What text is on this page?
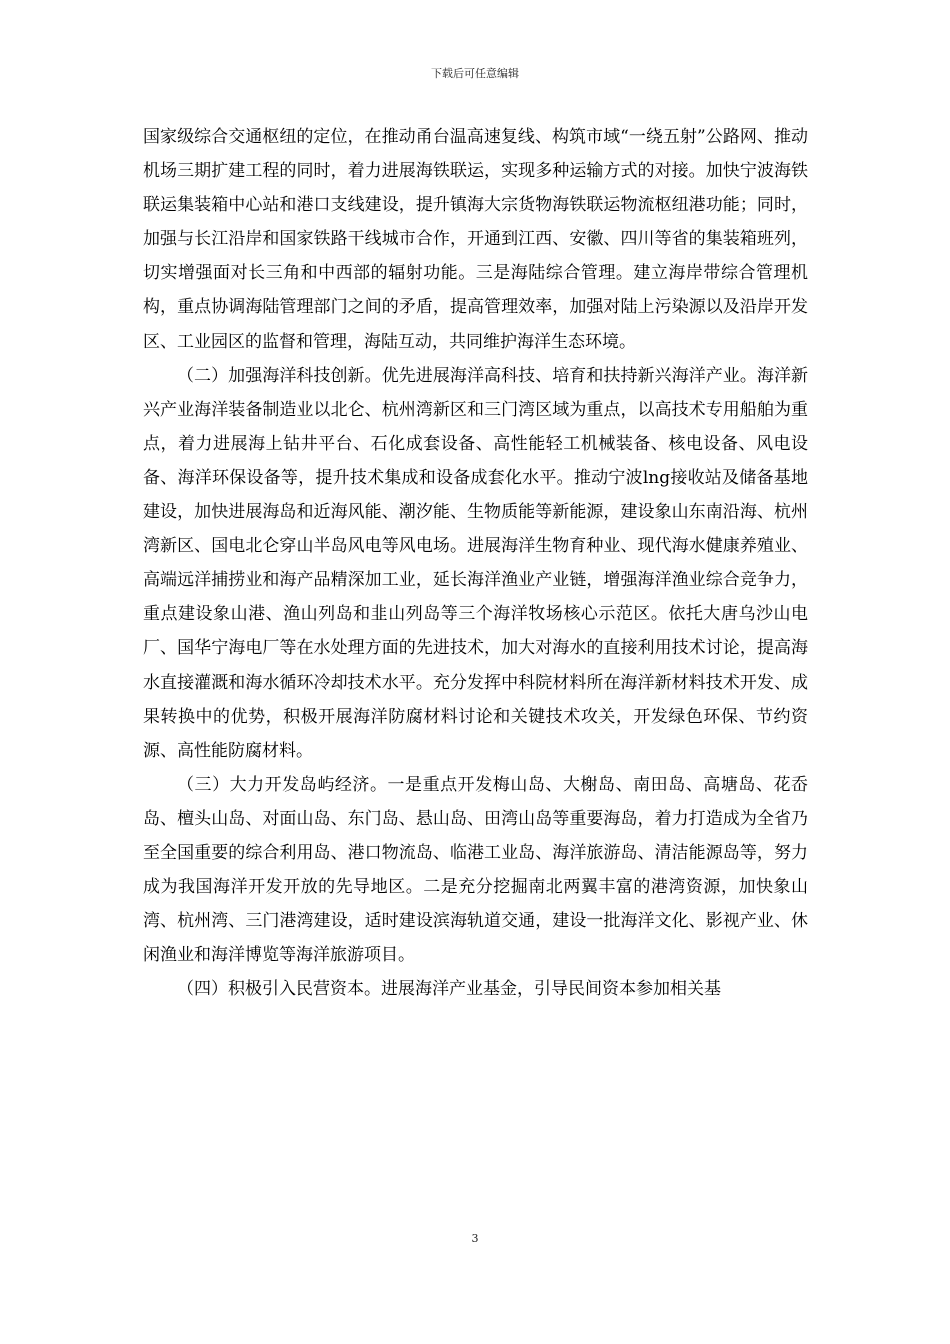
下载后可任意编辑

国家级综合交通枢纽的定位，在推动甬台温高速复线、构筑市域“一绕五射”公路网、推动机场三期扩建工程的同时，着力进展海铁联运，实现多种运输方式的对接。加快宁波海铁联运集装箱中心站和港口支线建设，提升镇海大宗货物海铁联运物流枢纽港功能；同时，加强与长江沿岸和国家铁路干线城市合作，开通到江西、安徽、四川等省的集装箱班列，切实增强面对长三角和中西部的辐射功能。三是海陆综合管理。建立海岸带综合管理机构，重点协调海陆管理部门之间的矛盾，提高管理效率，加强对陆上污染源以及沿岸开发区、工业园区的监督和管理，海陆互动，共同维护海洋生态环境。

（二）加强海洋科技创新。优先进展海洋高科技、培育和扶持新兴海洋产业。海洋新兴产业海洋装备制造业以北仑、杭州湾新区和三门湾区域为重点，以高技术专用船舶为重点，着力进展海上钻井平台、石化成套设备、高性能轻工机械装备、核电设备、风电设备、海洋环保设备等，提升技术集成和设备成套化水平。推动宁波lng接收站及储备基地建设，加快进展海岛和近海风能、潮汐能、生物质能等新能源，建设象山东南沿海、杭州湾新区、国电北仑穿山半岛风电等风电场。进展海洋生物育种业、现代海水健康养殖业、高端远洋捕捞业和海产品精深加工业，延长海洋渔业产业链，增强海洋渔业综合竞争力，重点建设象山港、渔山列岛和韭山列岛等三个海洋牧场核心示范区。依托大唐乌沙山电厂、国华宁海电厂等在水处理方面的先进技术，加大对海水的直接利用技术讨论，提高海水直接灌溉和海水循环冷却技术水平。充分发挥中科院材料所在海洋新材料技术开发、成果转换中的优势，积极开展海洋防腐材料讨论和关键技术攻关，开发绿色环保、节约资源、高性能防腐材料。

（三）大力开发岛屿经济。一是重点开发梅山岛、大榭岛、南田岛、高塘岛、花岙岛、檀头山岛、对面山岛、东门岛、悬山岛、田湾山岛等重要海岛，着力打造成为全省乃至全国重要的综合利用岛、港口物流岛、临港工业岛、海洋旅游岛、清洁能源岛等，努力成为我国海洋开发开放的先导地区。二是充分挖掘南北两翼丰富的港湾资源，加快象山湾、杭州湾、三门港湾建设，适时建设滨海轨道交通，建设一批海洋文化、影视产业、休闲渔业和海洋博览等海洋旅游项目。

（四）积极引入民营资本。进展海洋产业基金，引导民间资本参加相关基

3
